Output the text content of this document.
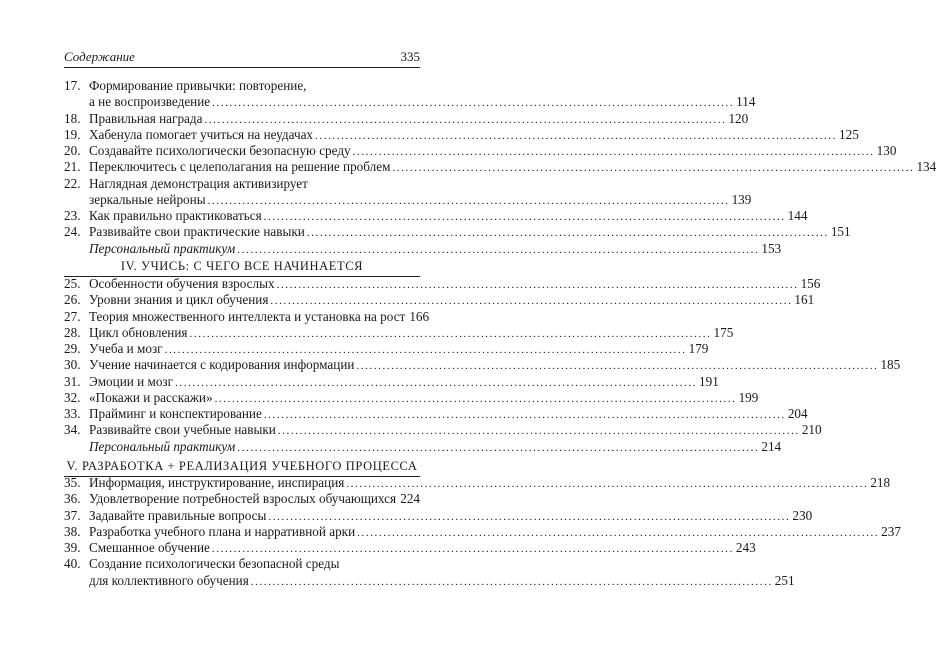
Содержание	335
17. Формирование привычки: повторение,
а не воспроизведение ........................................................................................................................ 114
18. Правильная награда ........................................................................................................................ 120
19. Хабенула помогает учиться на неудачах ........................................................................................................................ 125
20. Создавайте психологически безопасную среду ........................................................................................................................ 130
21. Переключитесь с целеполагания на решение проблем ........................................................................................................................ 134
22. Наглядная демонстрация активизирует
зеркальные нейроны ........................................................................................................................ 139
23. Как правильно практиковаться ........................................................................................................................ 144
24. Развивайте свои практические навыки ........................................................................................................................ 151
Персональный практикум ........................................................................................................................ 153
IV. УЧИСЬ: С ЧЕГО ВСЕ НАЧИНАЕТСЯ
25. Особенности обучения взрослых ........................................................................................................................ 156
26. Уровни знания и цикл обучения ........................................................................................................................ 161
27. Теория множественного интеллекта и установка на рост 166
28. Цикл обновления ........................................................................................................................ 175
29. Учеба и мозг ........................................................................................................................ 179
30. Учение начинается с кодирования информации ........................................................................................................................ 185
31. Эмоции и мозг ........................................................................................................................ 191
32. «Покажи и расскажи» ........................................................................................................................ 199
33. Прайминг и конспектирование ........................................................................................................................ 204
34. Развивайте свои учебные навыки ........................................................................................................................ 210
Персональный практикум ........................................................................................................................ 214
V. РАЗРАБОТКА + РЕАЛИЗАЦИЯ УЧЕБНОГО ПРОЦЕССА
35. Информация, инструктирование, инспирация ........................................................................................................................ 218
36. Удовлетворение потребностей взрослых обучающихся 224
37. Задавайте правильные вопросы ........................................................................................................................ 230
38. Разработка учебного плана и нарративной арки ........................................................................................................................ 237
39. Смешанное обучение ........................................................................................................................ 243
40. Создание психологически безопасной среды
для коллективного обучения ........................................................................................................................ 251
